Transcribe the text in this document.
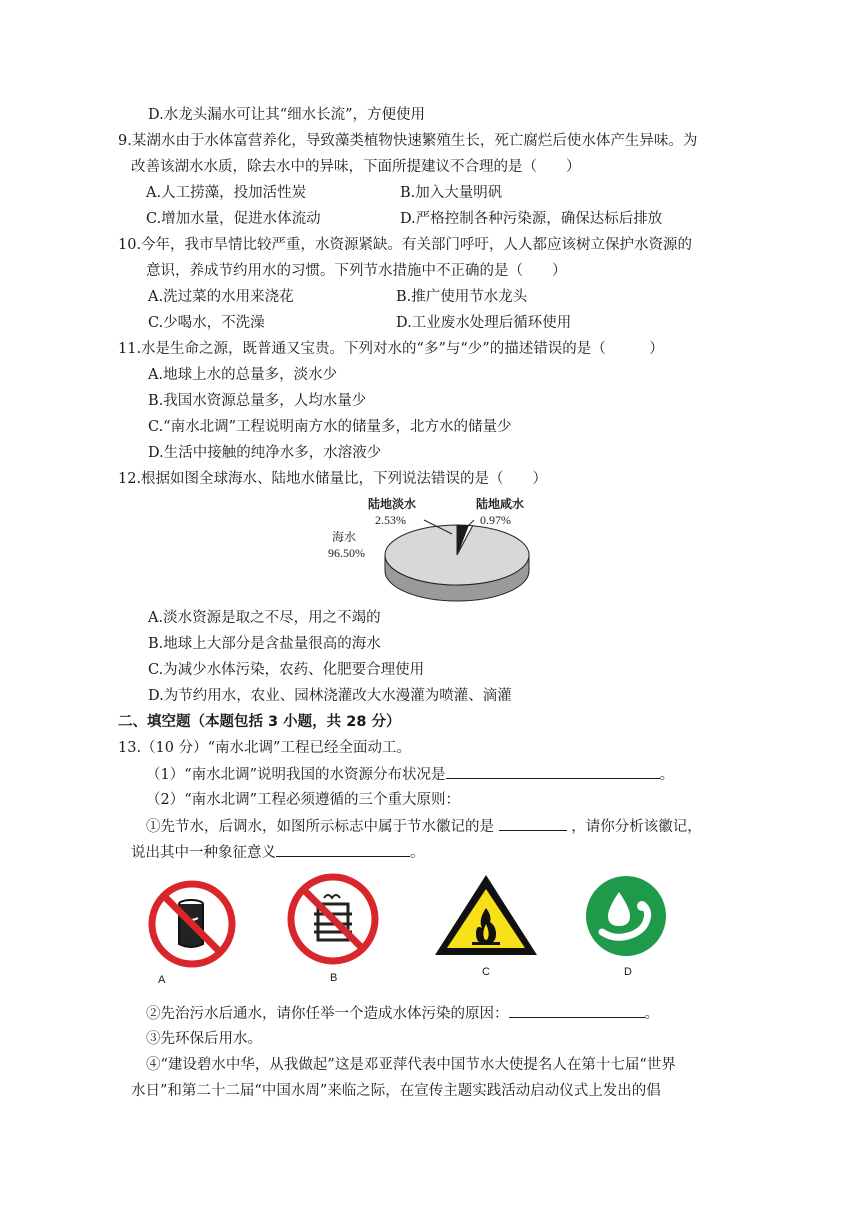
D.水龙头漏水可让其“细水长流”，方便使用
9.某湖水由于水体富营养化，导致藻类植物快速繁殖生长，死亡腐烂后使水体产生异味。为
改善该湖水水质，除去水中的异味，下面所提建议不合理的是（　　）
A.人工捞藻，投加活性炭	B.加入大量明矾
C.增加水量，促进水体流动	D.严格控制各种污染源，确保达标后排放
10.今年，我市旱情比较严重，水资源紧缺。有关部门呼吁，人人都应该树立保护水资源的
意识，养成节约用水的习惯。下列节水措施中不正确的是（　　）
A.洗过菜的水用来浇花	B.推广使用节水龙头
C.少喝水，不洗澡	D.工业废水处理后循环使用
11.水是生命之源，既普通又宝贵。下列对水的“多”与“少”的描述错误的是（　　　）
A.地球上水的总量多，淡水少
B.我国水资源总量多，人均水量少
C.“南水北调”工程说明南方水的储量多，北方水的储量少
D.生活中接触的纯净水多，水溶液少
12.根据如图全球海水、陆地水储量比，下列说法错误的是（　　）
海水
96.50%
陆地淡水
2.53%
陆地咸水
0.97%
A.淡水资源是取之不尽，用之不竭的
B.地球上大部分是含盐量很高的海水
C.为减少水体污染，农药、化肥要合理使用
D.为节约用水，农业、园林浇灌改大水漫灌为喷灌、滴灌
二、填空题（本题包括 3 小题，共 28 分）
13.（10 分）“南水北调”工程已经全面动工。
（1）“南水北调”说明我国的水资源分布状况是	。
（2）“南水北调”工程必须遵循的三个重大原则：
①先节水，后调水，如图所示标志中属于节水徽记的是	，请你分析该徽记，
说出其中一种象征意义	。
A	B	C	D
②先治污水后通水，请你任举一个造成水体污染的原因：	。
③先环保后用水。
④“建设碧水中华，从我做起”这是邓亚萍代表中国节水大使提名人在第十七届“世界
水日”和第二十二届“中国水周”来临之际，在宣传主题实践活动启动仪式上发出的倡
